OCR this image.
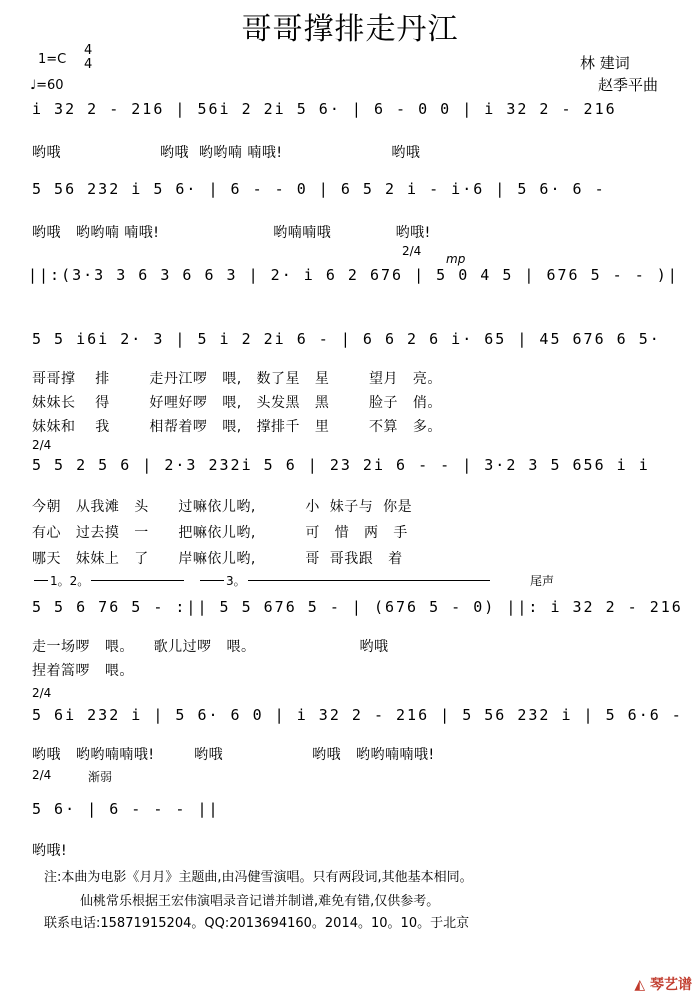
哥哥撑排走丹江
林 建词
赵季平曲
1=C
4
4
♩=60
i 32 2 - 216 | 56i 2 2i 5 6· | 6 - 0 0 | i 32 2 - 216
哟哦                    哟哦  哟哟喃 喃哦!                      哟哦
5 56 232 i 5 6· | 6 - - 0 | 6 5 2 i - i·6 | 5 6· 6 -
哟哦   哟哟喃 喃哦!                       哟喃喃哦             哟哦!
2/4
mp
||:(3·3 3 6 3 6 6 3 | 2· i 6 2 676 | 5 0 4 5 | 676 5 - - )|
5 5 i6i 2· 3 | 5 i 2 2i 6 - | 6 6 2 6 i· 65 | 45 676 6 5·
哥哥撑    排        走丹江啰   喂,   数了星   星        望月   亮。
妹妹长    得        好哩好啰   喂,   头发黑   黑        脸子   俏。
妹妹和    我        相帮着啰   喂,   撑排千   里        不算   多。
2/4
5 5 2 5 6 | 2·3 232i 5 6 | 23 2i 6 - - | 3·2 3 5 656 i i
今朝   从我滩   头      过嘛依儿哟,          小  妹子与  你是
有心   过去摸   一      把嘛依儿哟,          可   惜   两   手
哪天   妹妹上   了      岸嘛依儿哟,          哥  哥我跟   着
1。2。	3。	尾声
5 5 6 76 5 - :|| 5 5 676 5 - | (676 5 - 0) ||: i 32 2 - 216
走一场啰   喂。    歌儿过啰   喂。                     哟哦
捏着篙啰   喂。
2/4
5 6i 232 i | 5 6· 6 0 | i 32 2 - 216 | 5 56 232 i | 5 6·6 -
哟哦   哟哟喃喃哦!        哟哦                  哟哦   哟哟喃喃哦!
2/4	渐弱
5 6· | 6 - - - ||
哟哦!
注:本曲为电影《月月》主题曲,由冯健雪演唱。只有两段词,其他基本相同。
仙桃常乐根据王宏伟演唱录音记谱并制谱,难免有错,仅供参考。
联系电话:15871915204。QQ:2013694160。2014。10。10。于北京
◭ 琴艺谱
